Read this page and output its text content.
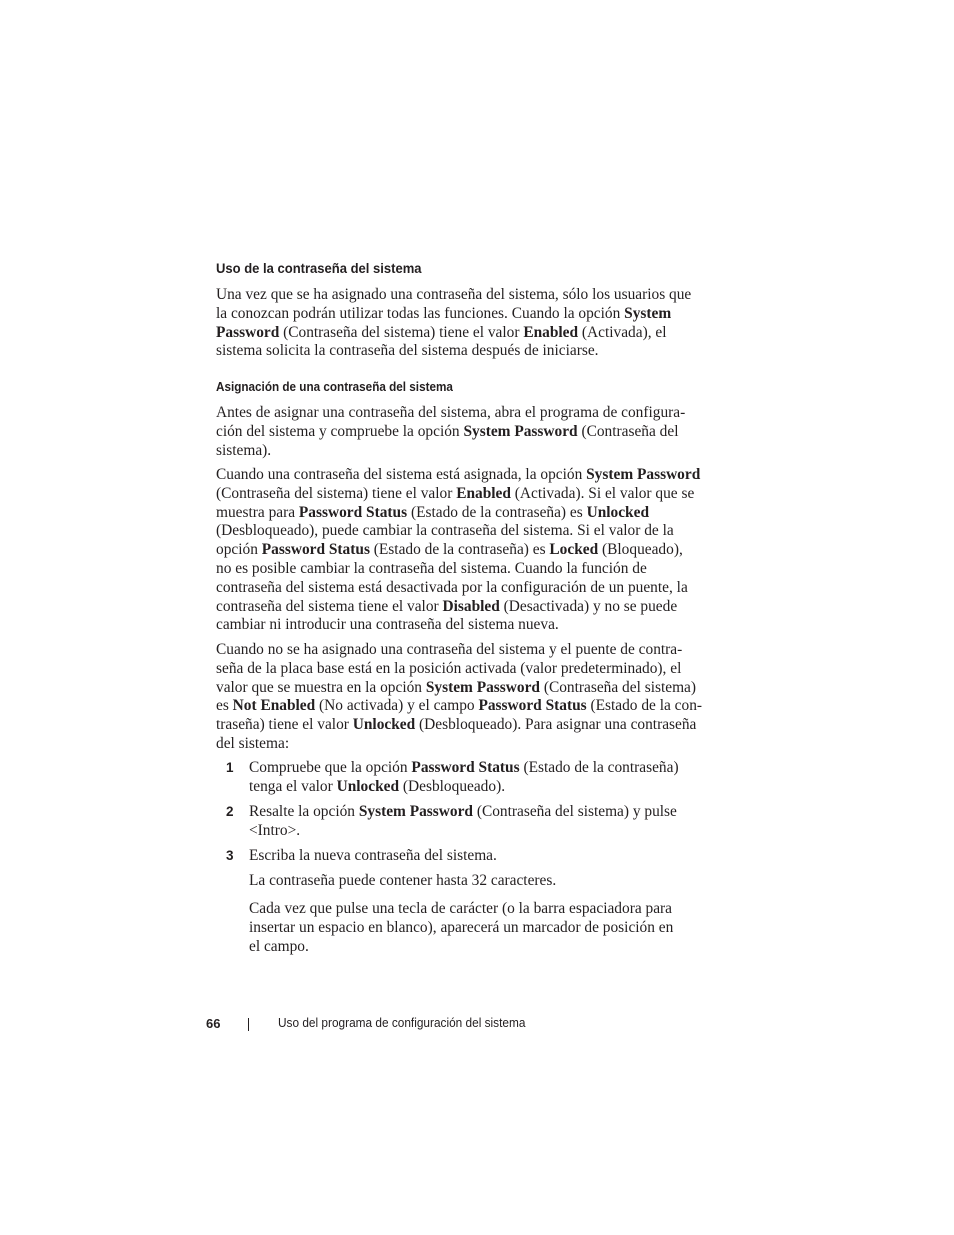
Uso de la contraseña del sistema
Una vez que se ha asignado una contraseña del sistema, sólo los usuarios que
la conozcan podrán utilizar todas las funciones. Cuando la opción System
Password (Contraseña del sistema) tiene el valor Enabled (Activada), el
sistema solicita la contraseña del sistema después de iniciarse.
Asignación de una contraseña del sistema
Antes de asignar una contraseña del sistema, abra el programa de configura-
ción del sistema y compruebe la opción System Password (Contraseña del
sistema).
Cuando una contraseña del sistema está asignada, la opción System Password
(Contraseña del sistema) tiene el valor Enabled (Activada). Si el valor que se
muestra para Password Status (Estado de la contraseña) es Unlocked
(Desbloqueado), puede cambiar la contraseña del sistema. Si el valor de la
opción Password Status (Estado de la contraseña) es Locked (Bloqueado),
no es posible cambiar la contraseña del sistema. Cuando la función de
contraseña del sistema está desactivada por la configuración de un puente, la
contraseña del sistema tiene el valor Disabled (Desactivada) y no se puede
cambiar ni introducir una contraseña del sistema nueva.
Cuando no se ha asignado una contraseña del sistema y el puente de contra-
seña de la placa base está en la posición activada (valor predeterminado), el
valor que se muestra en la opción System Password (Contraseña del sistema)
es Not Enabled (No activada) y el campo Password Status (Estado de la con-
traseña) tiene el valor Unlocked (Desbloqueado). Para asignar una contraseña
del sistema:
1 Compruebe que la opción Password Status (Estado de la contraseña)
tenga el valor Unlocked (Desbloqueado).
2 Resalte la opción System Password (Contraseña del sistema) y pulse
<Intro>.
3 Escriba la nueva contraseña del sistema.
La contraseña puede contener hasta 32 caracteres.
Cada vez que pulse una tecla de carácter (o la barra espaciadora para
insertar un espacio en blanco), aparecerá un marcador de posición en
el campo.
66	Uso del programa de configuración del sistema
